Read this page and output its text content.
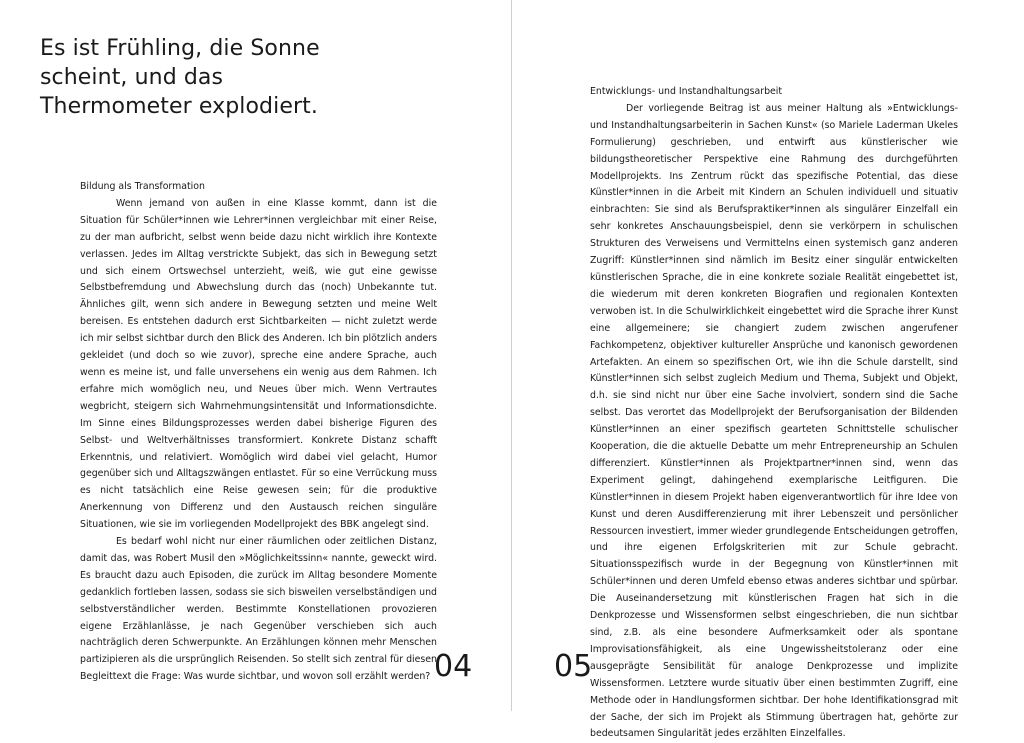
Es ist Frühling, die Sonne scheint, und das Thermometer explodiert.

Bildung als Transformation

Wenn jemand von außen in eine Klasse kommt, dann ist die Situation für Schüler*innen wie Lehrer*innen vergleichbar mit einer Reise, zu der man aufbricht, selbst wenn beide dazu nicht wirklich ihre Kontexte verlassen. Jedes im Alltag verstrickte Subjekt, das sich in Bewegung setzt und sich einem Ortswechsel unterzieht, weiß, wie gut eine gewisse Selbstbefremdung und Abwechslung durch das (noch) Unbekannte tut. Ähnliches gilt, wenn sich andere in Bewegung setzten und meine Welt bereisen. Es entstehen dadurch erst Sichtbarkeiten — nicht zuletzt werde ich mir selbst sichtbar durch den Blick des Anderen. Ich bin plötzlich anders gekleidet (und doch so wie zuvor), spreche eine andere Sprache, auch wenn es meine ist, und falle unversehens ein wenig aus dem Rahmen. Ich erfahre mich womöglich neu, und Neues über mich. Wenn Vertrautes wegbricht, steigern sich Wahrnehmungsintensität und Informationsdichte. Im Sinne eines Bildungsprozesses werden dabei bisherige Figuren des Selbst- und Weltverhältnisses transformiert. Konkrete Distanz schafft Erkenntnis, und relativiert. Womöglich wird dabei viel gelacht, Humor gegenüber sich und Alltagszwängen entlastet. Für so eine Verrückung muss es nicht tatsächlich eine Reise gewesen sein; für die produktive Anerkennung von Differenz und den Austausch reichen singuläre Situationen, wie sie im vorliegenden Modellprojekt des BBK angelegt sind.

Es bedarf wohl nicht nur einer räumlichen oder zeitlichen Distanz, damit das, was Robert Musil den »Möglichkeitssinn« nannte, geweckt wird. Es braucht dazu auch Episoden, die zurück im Alltag besondere Momente gedanklich fortleben lassen, sodass sie sich bisweilen verselbständigen und selbstverständlicher werden. Bestimmte Konstellationen provozieren eigene Erzählanlässe, je nach Gegenüber verschieben sich auch nachträglich deren Schwerpunkte. An Erzählungen können mehr Menschen partizipieren als die ursprünglich Reisenden. So stellt sich zentral für diesen Begleittext die Frage: Was wurde sichtbar, und wovon soll erzählt werden? 04

Entwicklungs- und Instandhaltungsarbeit

Der vorliegende Beitrag ist aus meiner Haltung als »Entwicklungs- und Instandhaltungsarbeiterin in Sachen Kunst« (so Mariele Laderman Ukeles Formulierung) geschrieben, und entwirft aus künstlerischer wie bildungstheoretischer Perspektive eine Rahmung des durchgeführten Modellprojekts. Ins Zentrum rückt das spezifische Potential, das diese Künstler*innen in die Arbeit mit Kindern an Schulen individuell und situativ einbrachten: Sie sind als Berufspraktiker*innen als singulärer Einzelfall ein sehr konkretes Anschauungsbeispiel, denn sie verkörpern in schulischen Strukturen des Verweisens und Vermittelns einen systemisch ganz anderen Zugriff: Künstler*innen sind nämlich im Besitz einer singulär entwickelten künstlerischen Sprache, die in eine konkrete soziale Realität eingebettet ist, die wiederum mit deren konkreten Biografien und regionalen Kontexten verwoben ist. In die Schulwirklichkeit eingebettet wird die Sprache ihrer Kunst eine allgemeinere; sie changiert zudem zwischen angerufener Fachkompetenz, objektiver kultureller Ansprüche und kanonisch gewordenen Artefakten. An einem so spezifischen Ort, wie ihn die Schule darstellt, sind Künstler*innen sich selbst zugleich Medium und Thema, Subjekt und Objekt, d.h. sie sind nicht nur über eine Sache involviert, sondern sind die Sache selbst. Das verortet das Modellprojekt der Berufsorganisation der Bildenden Künstler*innen an einer spezifisch gearteten Schnittstelle schulischer Kooperation, die die aktuelle Debatte um mehr Entrepreneurship an Schulen differenziert. Künstler*innen als Projektpartner*innen sind, wenn das Experiment gelingt, dahingehend exemplarische Leitfiguren. Die Künstler*innen in diesem Projekt haben eigenverantwortlich für ihre Idee von Kunst und deren Ausdifferenzierung mit ihrer Lebenszeit und persönlicher Ressourcen investiert, immer wieder grundlegende Entscheidungen getroffen, und ihre eigenen Erfolgskriterien mit zur Schule gebracht. Situationsspezifisch wurde in der Begegnung von Künstler*innen mit Schüler*innen und deren Umfeld ebenso etwas anderes sichtbar und spürbar. Die Auseinandersetzung mit künstlerischen Fragen hat sich in die Denkprozesse und Wissensformen selbst eingeschrieben, die nun sichtbar sind, z.B. als eine besondere Aufmerksamkeit oder als spontane Improvisationsfähigkeit, als eine Ungewissheitstoleranz oder eine ausgeprägte Sensibilität für analoge Denkprozesse und implizite Wissensformen. Letztere wurde situativ über einen bestimmten Zugriff, eine Methode oder in Handlungsformen sichtbar. Der hohe Identifikationsgrad mit der Sache, der sich im Projekt als Stimmung übertragen hat, gehörte zur bedeutsamen Singularität jedes erzählten Einzelfalles.

05
